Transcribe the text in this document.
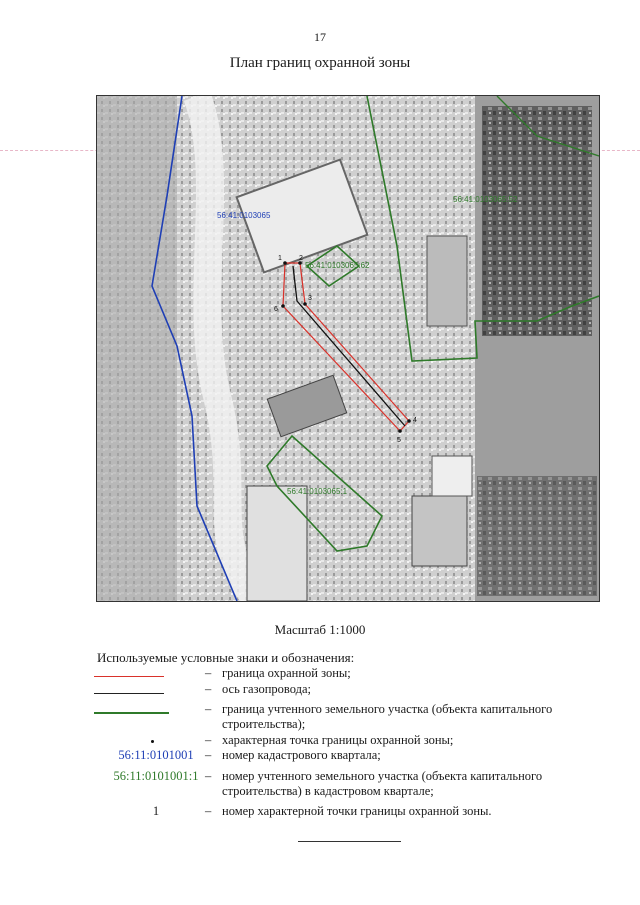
17
План границ охранной зоны
1 2
3
4
5
6
56:41:0103065
56:41:0103065:62
56:41:0103065:52
56:41:0103065:1
Масштаб 1:1000
Используемые условные знаки и обозначения:
– граница охранной зоны;
– ось газопровода;
– граница учтенного земельного участка (объекта капитального строительства);
– характерная точка границы охранной зоны;
56:11:0101001 – номер кадастрового квартала;
56:11:0101001:1 – номер учтенного земельного участка (объекта капитального строительства) в кадастровом квартале;
1	– номер характерной точки границы охранной зоны.
